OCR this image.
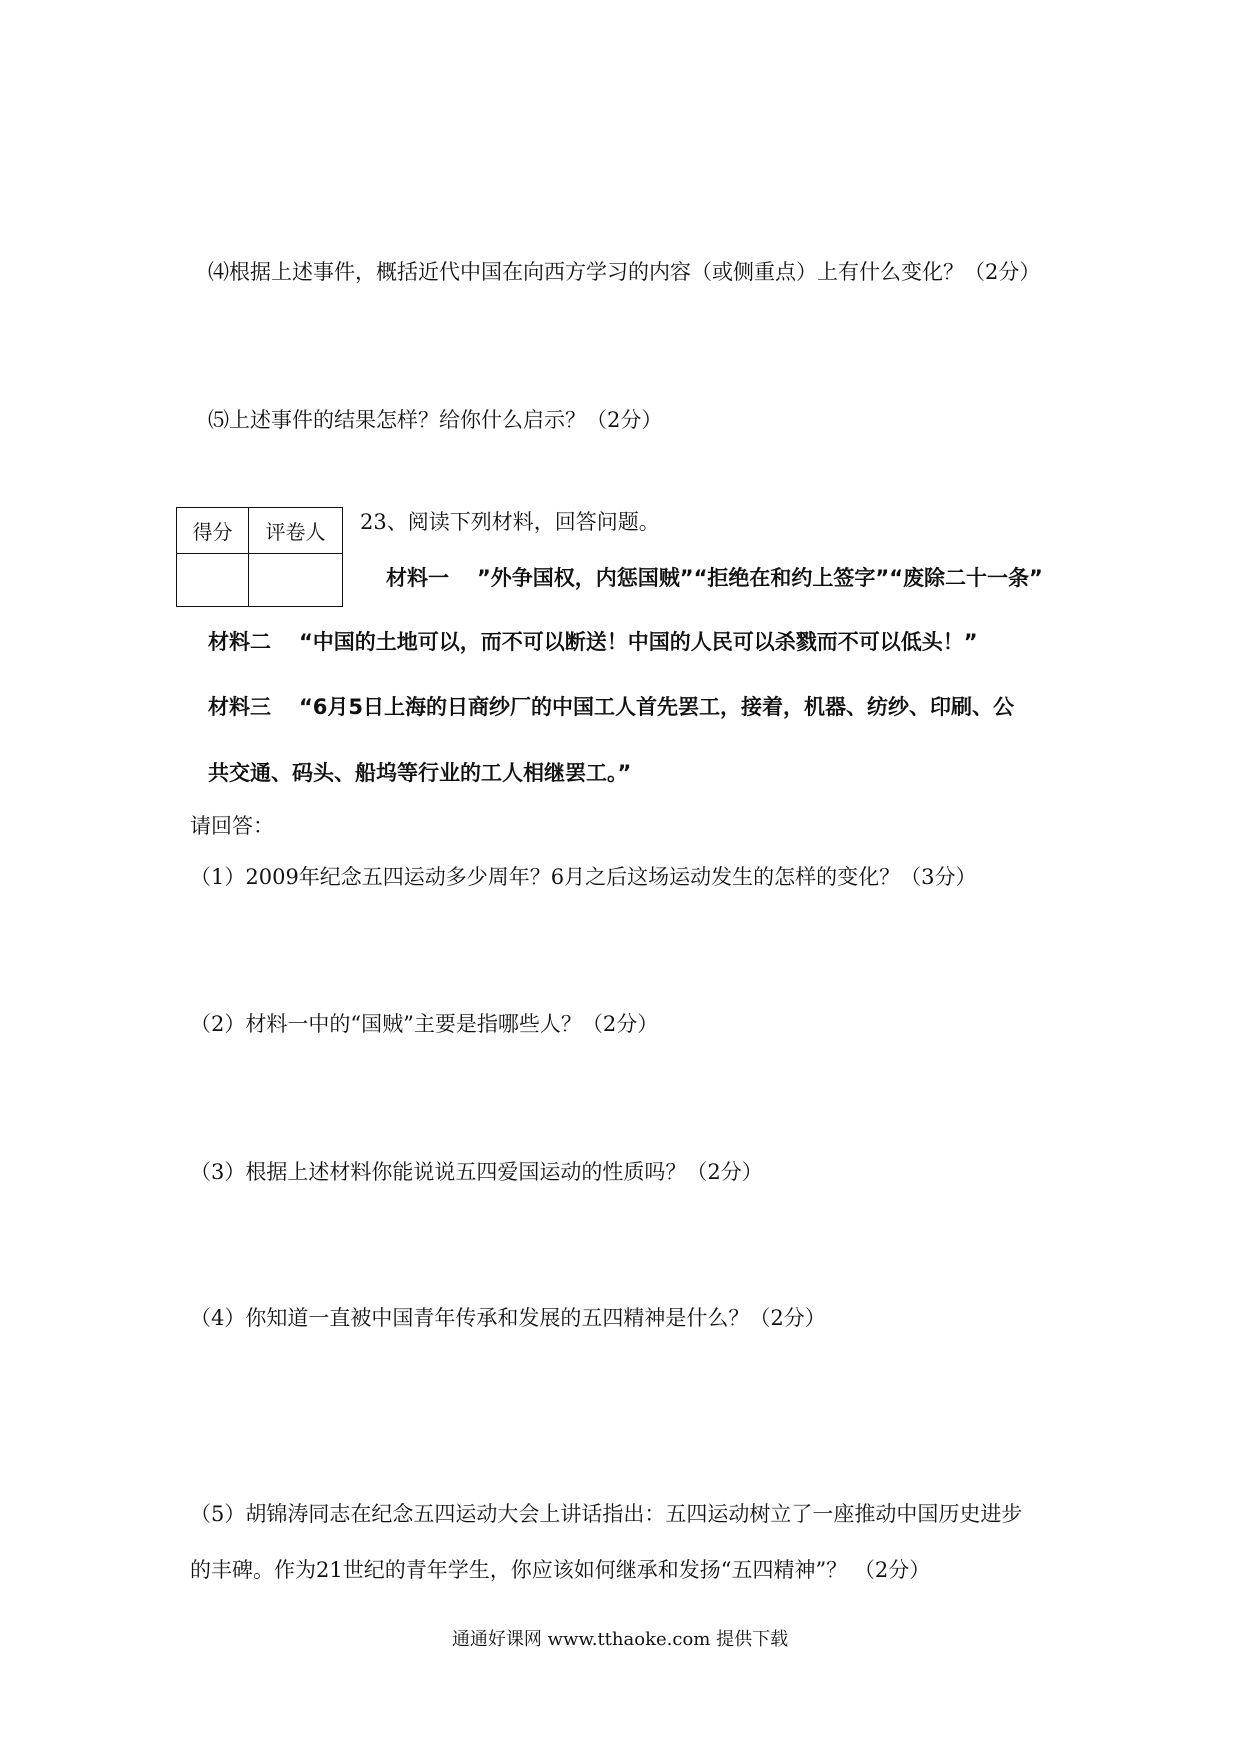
⑷根据上述事件，概括近代中国在向西方学习的内容（或侧重点）上有什么变化？（2分）
⑸上述事件的结果怎样？给你什么启示？（2分）
得分	评卷人	23、阅读下列材料，回答问题。
材料一 ”外争国权，内惩国贼”“拒绝在和约上签字”“废除二十一条”
材料二 “中国的土地可以，而不可以断送！中国的人民可以杀戮而不可以低头！”
材料三 “6月5日上海的日商纱厂的中国工人首先罢工，接着，机器、纺纱、印刷、公
共交通、码头、船坞等行业的工人相继罢工。”
请回答：
（1）2009年纪念五四运动多少周年？6月之后这场运动发生的怎样的变化？（3分）
（2）材料一中的“国贼”主要是指哪些人？（2分）
（3）根据上述材料你能说说五四爱国运动的性质吗？（2分）
（4）你知道一直被中国青年传承和发展的五四精神是什么？（2分）
（5）胡锦涛同志在纪念五四运动大会上讲话指出：五四运动树立了一座推动中国历史进步
的丰碑。作为21世纪的青年学生，你应该如何继承和发扬“五四精神”？ （2分）
通通好课网 www.tthaoke.com 提供下载
